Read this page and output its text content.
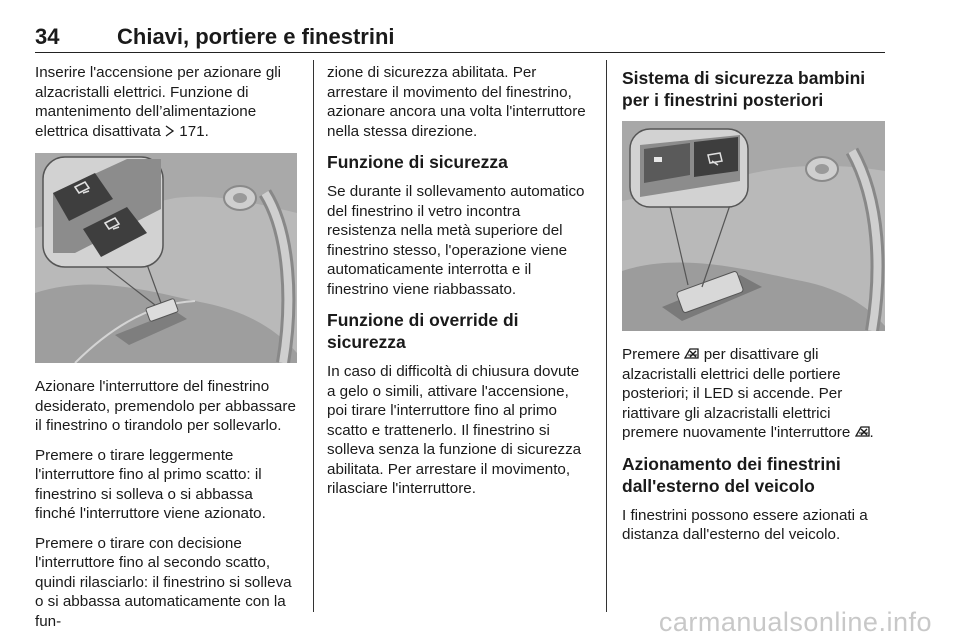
34	Chiavi, portiere e finestrini

Inserire l'accensione per azionare gli alzacristalli elettrici. Funzione di mantenimento dell’alimentazione elettrica disattivata 171.

Azionare l'interruttore del finestrino desiderato, premendolo per abbassare il finestrino o tirandolo per sollevarlo.

Premere o tirare leggermente l'interruttore fino al primo scatto: il finestrino si solleva o si abbassa finché l'interruttore viene azionato.

Premere o tirare con decisione l'interruttore fino al secondo scatto, quindi rilasciarlo: il finestrino si solleva o si abbassa automaticamente con la fun-

zione di sicurezza abilitata. Per arrestare il movimento del finestrino, azionare ancora una volta l'interruttore nella stessa direzione.

Funzione di sicurezza

Se durante il sollevamento automatico del finestrino il vetro incontra resistenza nella metà superiore del finestrino stesso, l'operazione viene automaticamente interrotta e il finestrino viene riabbassato.

Funzione di override di sicurezza

In caso di difficoltà di chiusura dovute a gelo o simili, attivare l'accensione, poi tirare l'interruttore fino al primo scatto e trattenerlo. Il finestrino si solleva senza la funzione di sicurezza abilitata. Per arrestare il movimento, rilasciare l'interruttore.

Sistema di sicurezza bambini per i finestrini posteriori

Premere per disattivare gli alzacristalli elettrici delle portiere posteriori; il LED si accende. Per riattivare gli alzacristalli elettrici premere nuovamente l'interruttore .

Azionamento dei finestrini dall'esterno del veicolo

I finestrini possono essere azionati a distanza dall'esterno del veicolo.

carmanualsonline.info
